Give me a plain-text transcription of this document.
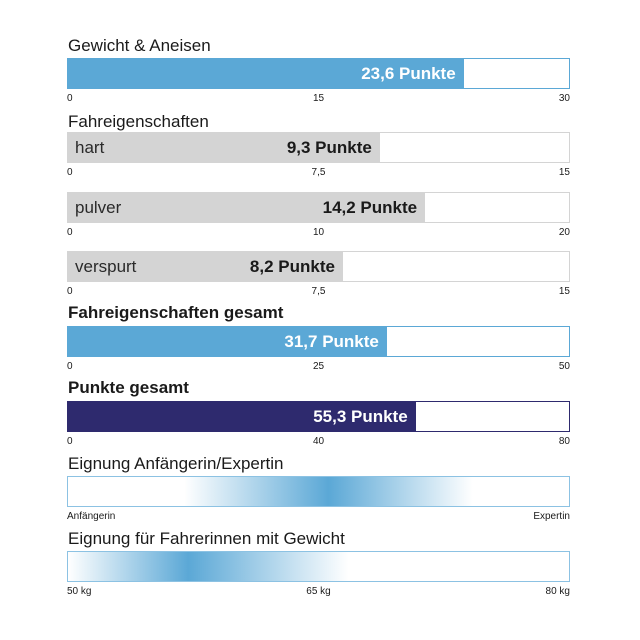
Gewicht & Aneisen
23,6 Punkte
0	15	30
Fahreigenschaften
hart	9,3 Punkte
0	7,5	15
pulver	14,2 Punkte
0	10	20
verspurt	8,2 Punkte
0	7,5	15
Fahreigenschaften gesamt
31,7 Punkte
0	25	50
Punkte gesamt
55,3 Punkte
0	40	80
Eignung Anfängerin/Expertin
Anfängerin	Expertin
Eignung für Fahrerinnen mit Gewicht
50 kg	65 kg	80 kg
